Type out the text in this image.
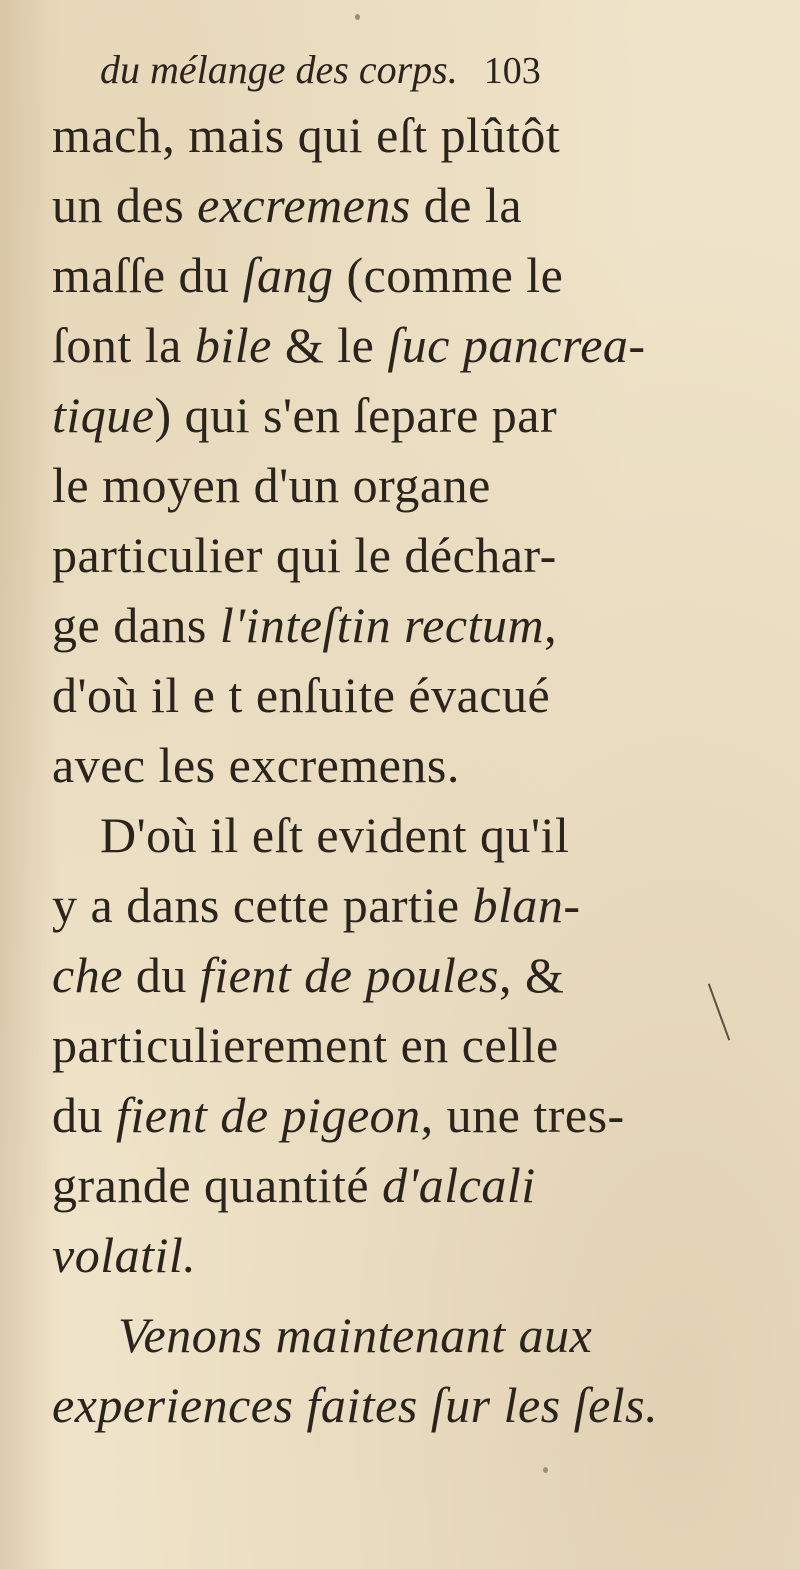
du mélange des corps. 103
mach, mais qui eſt plûtôt
un des excremens de la
maſſe du ſang (comme le
ſont la bile & le ſuc pancrea-
tique) qui s'en ſepare par
le moyen d'un organe
particulier qui le déchar-
ge dans l'inteſtin rectum,
d'où il e t enſuite évacué
avec les excremens.
D'où il eſt evident qu'il
y a dans cette partie blan-
che du fient de poules, &
particulierement en celle
du fient de pigeon, une tres-
grande quantité d'alcali
volatil.
Venons maintenant aux
experiences faites ſur les ſels.
